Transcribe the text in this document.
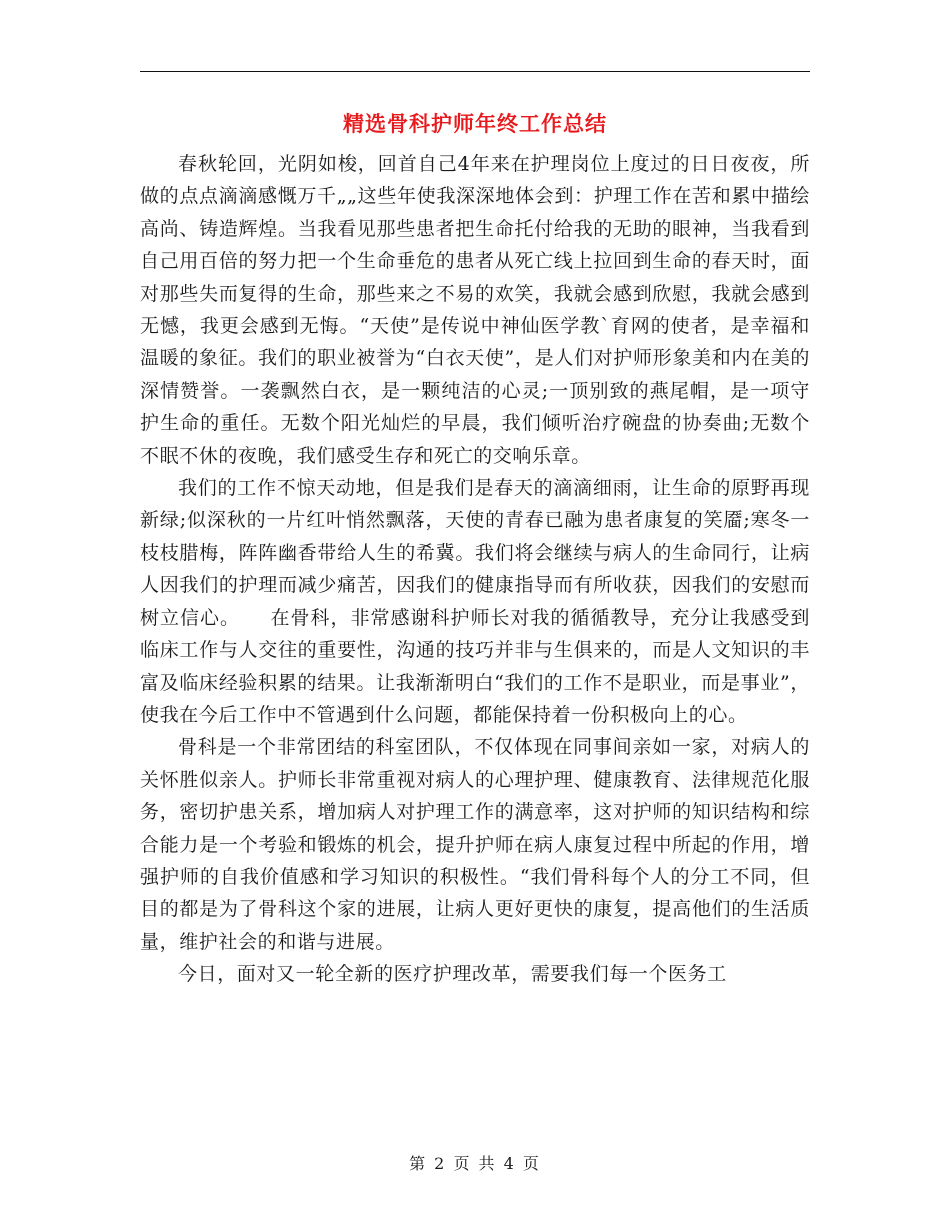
精选骨科护师年终工作总结

春秋轮回，光阴如梭，回首自己4年来在护理岗位上度过的日日夜夜，所做的点点滴滴感慨万千„„这些年使我深深地体会到：护理工作在苦和累中描绘高尚、铸造辉煌。当我看见那些患者把生命托付给我的无助的眼神，当我看到自己用百倍的努力把一个生命垂危的患者从死亡线上拉回到生命的春天时，面对那些失而复得的生命，那些来之不易的欢笑，我就会感到欣慰，我就会感到无憾，我更会感到无悔。“天使”是传说中神仙医学教`育网的使者，是幸福和温暖的象征。我们的职业被誉为“白衣天使”，是人们对护师形象美和内在美的深情赞誉。一袭飘然白衣，是一颗纯洁的心灵;一顶别致的燕尾帽，是一项守护生命的重任。无数个阳光灿烂的早晨，我们倾听治疗碗盘的协奏曲;无数个不眠不休的夜晚，我们感受生存和死亡的交响乐章。

我们的工作不惊天动地，但是我们是春天的滴滴细雨，让生命的原野再现新绿;似深秋的一片红叶悄然飘落，天使的青春已融为患者康复的笑靥;寒冬一枝枝腊梅，阵阵幽香带给人生的希冀。我们将会继续与病人的生命同行，让病人因我们的护理而减少痛苦，因我们的健康指导而有所收获，因我们的安慰而树立信心。　　在骨科，非常感谢科护师长对我的循循教导，充分让我感受到临床工作与人交往的重要性，沟通的技巧并非与生俱来的，而是人文知识的丰富及临床经验积累的结果。让我渐渐明白“我们的工作不是职业，而是事业”，使我在今后工作中不管遇到什么问题，都能保持着一份积极向上的心。

骨科是一个非常团结的科室团队，不仅体现在同事间亲如一家，对病人的关怀胜似亲人。护师长非常重视对病人的心理护理、健康教育、法律规范化服务，密切护患关系，增加病人对护理工作的满意率，这对护师的知识结构和综合能力是一个考验和锻炼的机会，提升护师在病人康复过程中所起的作用，增强护师的自我价值感和学习知识的积极性。“我们骨科每个人的分工不同，但目的都是为了骨科这个家的进展，让病人更好更快的康复，提高他们的生活质量，维护社会的和谐与进展。

今日，面对又一轮全新的医疗护理改革，需要我们每一个医务工

第 2 页 共 4 页
